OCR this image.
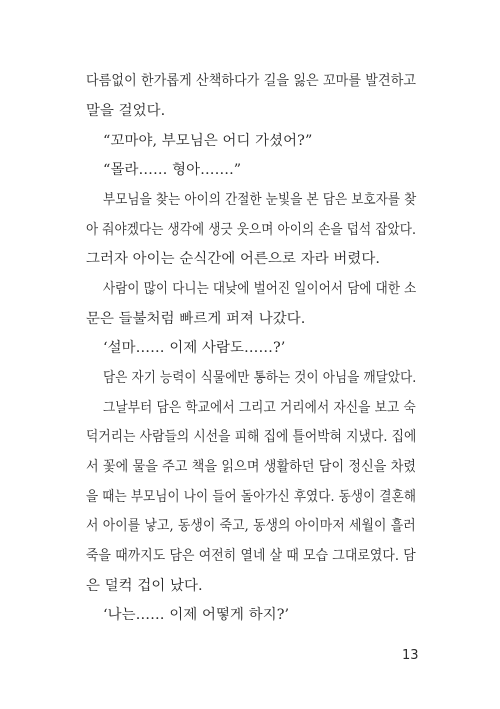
다름없이 한가롭게 산책하다가 길을 잃은 꼬마를 발견하고
말을 걸었다.
“꼬마야, 부모님은 어디 가셨어?”
“몰라…… 형아…….”
부모님을 찾는 아이의 간절한 눈빛을 본 담은 보호자를 찾
아 줘야겠다는 생각에 생긋 웃으며 아이의 손을 덥석 잡았다.
그러자 아이는 순식간에 어른으로 자라 버렸다.
사람이 많이 다니는 대낮에 벌어진 일이어서 담에 대한 소
문은 들불처럼 빠르게 퍼져 나갔다.
‘설마…… 이제 사람도……?’
담은 자기 능력이 식물에만 통하는 것이 아님을 깨달았다.
그날부터 담은 학교에서 그리고 거리에서 자신을 보고 숙
덕거리는 사람들의 시선을 피해 집에 틀어박혀 지냈다. 집에
서 꽃에 물을 주고 책을 읽으며 생활하던 담이 정신을 차렸
을 때는 부모님이 나이 들어 돌아가신 후였다. 동생이 결혼해
서 아이를 낳고, 동생이 죽고, 동생의 아이마저 세월이 흘러
죽을 때까지도 담은 여전히 열네 살 때 모습 그대로였다. 담
은 덜컥 겁이 났다.
‘나는…… 이제 어떻게 하지?’
13
